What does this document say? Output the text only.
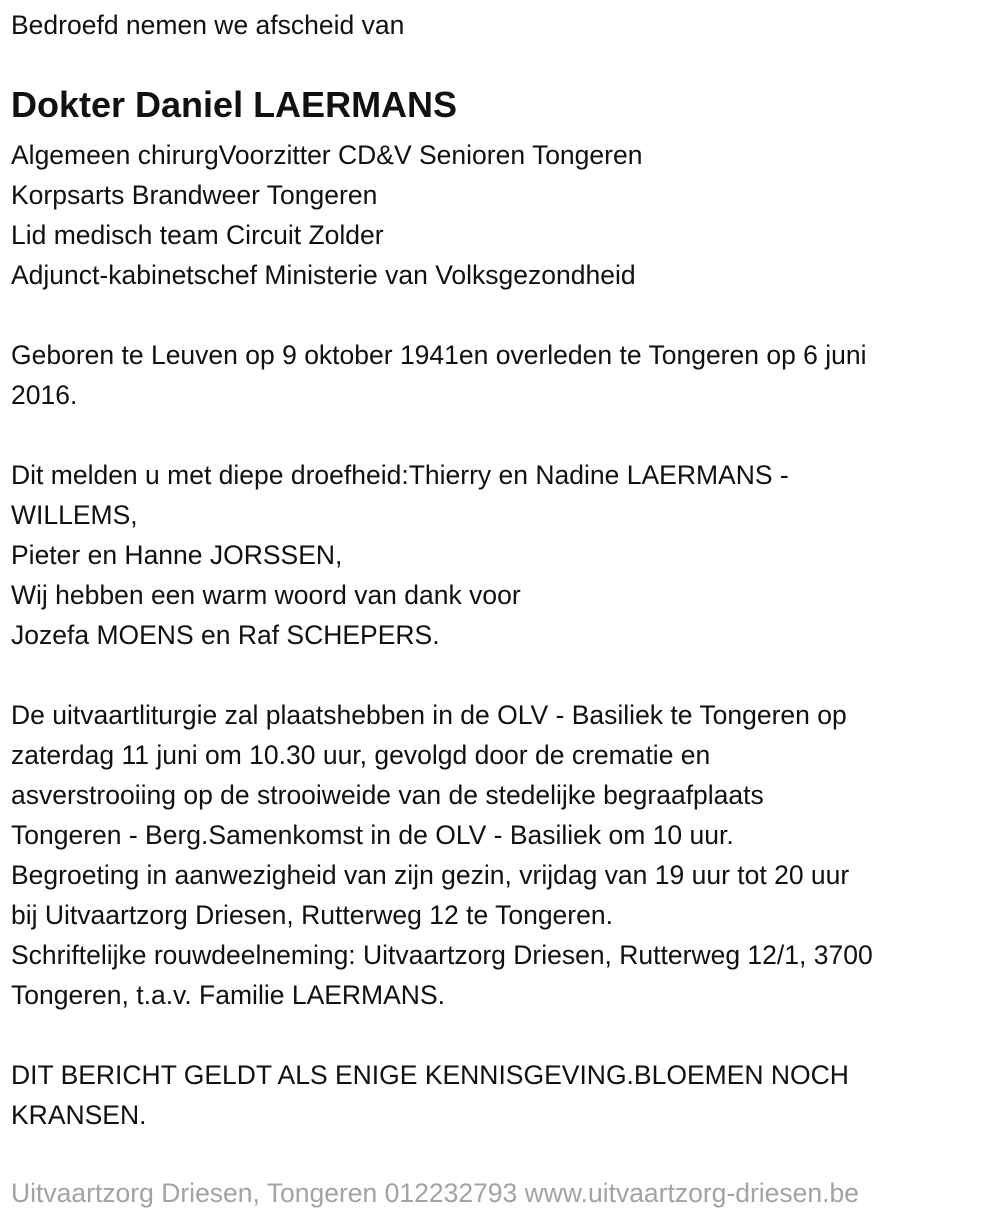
Bedroefd nemen we afscheid van
Dokter Daniel LAERMANS
Algemeen chirurgVoorzitter CD&V Senioren Tongeren
Korpsarts Brandweer Tongeren
Lid medisch team Circuit Zolder
Adjunct-kabinetschef Ministerie van Volksgezondheid
Geboren te Leuven op 9 oktober 1941en overleden te Tongeren op 6 juni
2016.
Dit melden u met diepe droefheid:Thierry en Nadine LAERMANS -
WILLEMS,
Pieter en Hanne JORSSEN,
Wij hebben een warm woord van dank voor
Jozefa MOENS en Raf SCHEPERS.
De uitvaartliturgie zal plaatshebben in de OLV - Basiliek te Tongeren op
zaterdag 11 juni om 10.30 uur, gevolgd door de crematie en
asverstrooiing op de strooiweide van de stedelijke begraafplaats
Tongeren - Berg.Samenkomst in de OLV - Basiliek om 10 uur.
Begroeting in aanwezigheid van zijn gezin, vrijdag van 19 uur tot 20 uur
bij Uitvaartzorg Driesen, Rutterweg 12 te Tongeren.
Schriftelijke rouwdeelneming: Uitvaartzorg Driesen, Rutterweg 12/1, 3700
Tongeren, t.a.v. Familie LAERMANS.
DIT BERICHT GELDT ALS ENIGE KENNISGEVING.BLOEMEN NOCH
KRANSEN.
Uitvaartzorg Driesen, Tongeren 012232793 www.uitvaartzorg-driesen.be
